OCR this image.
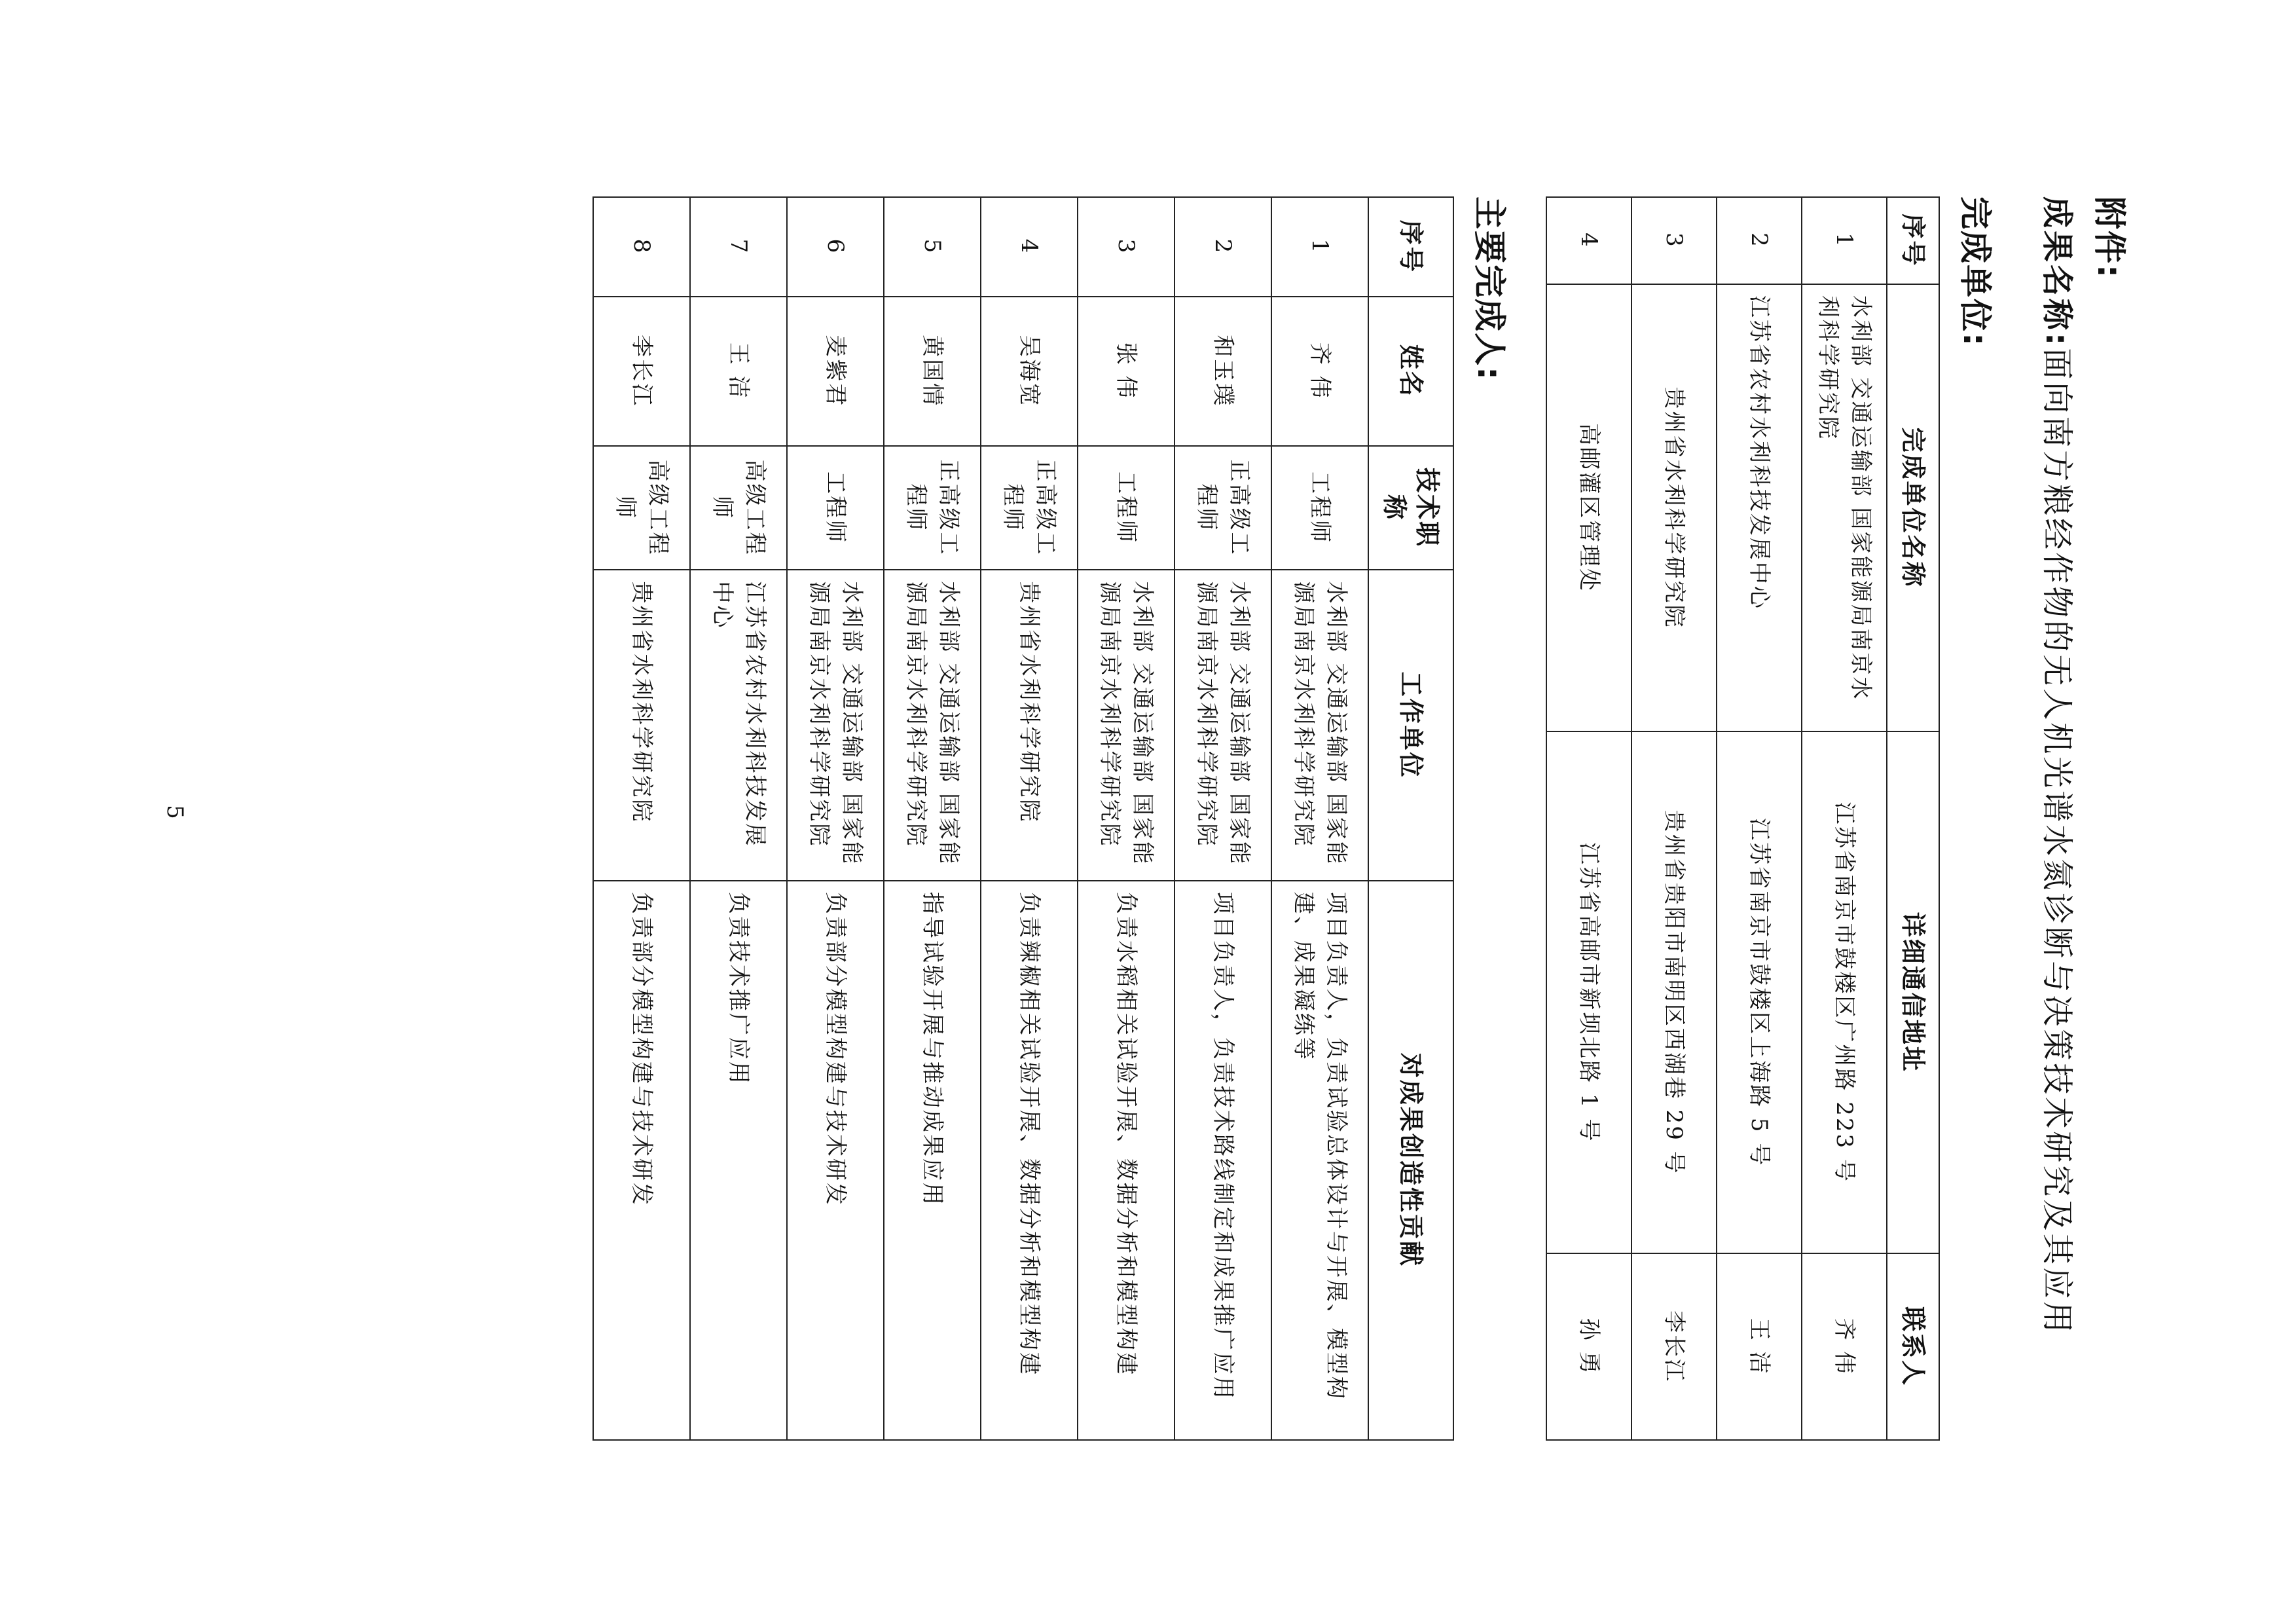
附件:
成果名称:面向南方粮经作物的无人机光谱水氮诊断与决策技术研究及其应用
完成单位:
序号	完成单位名称	详细通信地址	联系人
1	水利部 交通运输部 国家能源局南京水利科学研究院	江苏省南京市鼓楼区广州路 223 号	齐 伟
2	江苏省农村水利科技发展中心	江苏省南京市鼓楼区上海路 5 号	王 洁
3	贵州省水利科学研究院	贵州省贵阳市南明区西湖巷 29 号	李长江
4	高邮灌区管理处	江苏省高邮市新坝北路 1 号	孙 勇
主要完成人:
序号	姓名	技术职称	工作单位	对成果创造性贡献
1	齐 伟	工程师	水利部 交通运输部 国家能源局南京水利科学研究院	项目负责人，负责试验总体设计与开展、模型构建、成果凝练等
2	和玉璞	正高级工程师	水利部 交通运输部 国家能源局南京水利科学研究院	项目负责人，负责技术路线制定和成果推广应用
3	张 伟	工程师	水利部 交通运输部 国家能源局南京水利科学研究院	负责水稻相关试验开展、数据分析和模型构建
4	吴海宽	正高级工程师	贵州省水利科学研究院	负责辣椒相关试验开展、数据分析和模型构建
5	黄国情	正高级工程师	水利部 交通运输部 国家能源局南京水利科学研究院	指导试验开展与推动成果应用
6	麦紫君	工程师	水利部 交通运输部 国家能源局南京水利科学研究院	负责部分模型构建与技术研发
7	王 洁	高级工程师	江苏省农村水利科技发展中心	负责技术推广应用
8	李长江	高级工程师	贵州省水利科学研究院	负责部分模型构建与技术研发
5
